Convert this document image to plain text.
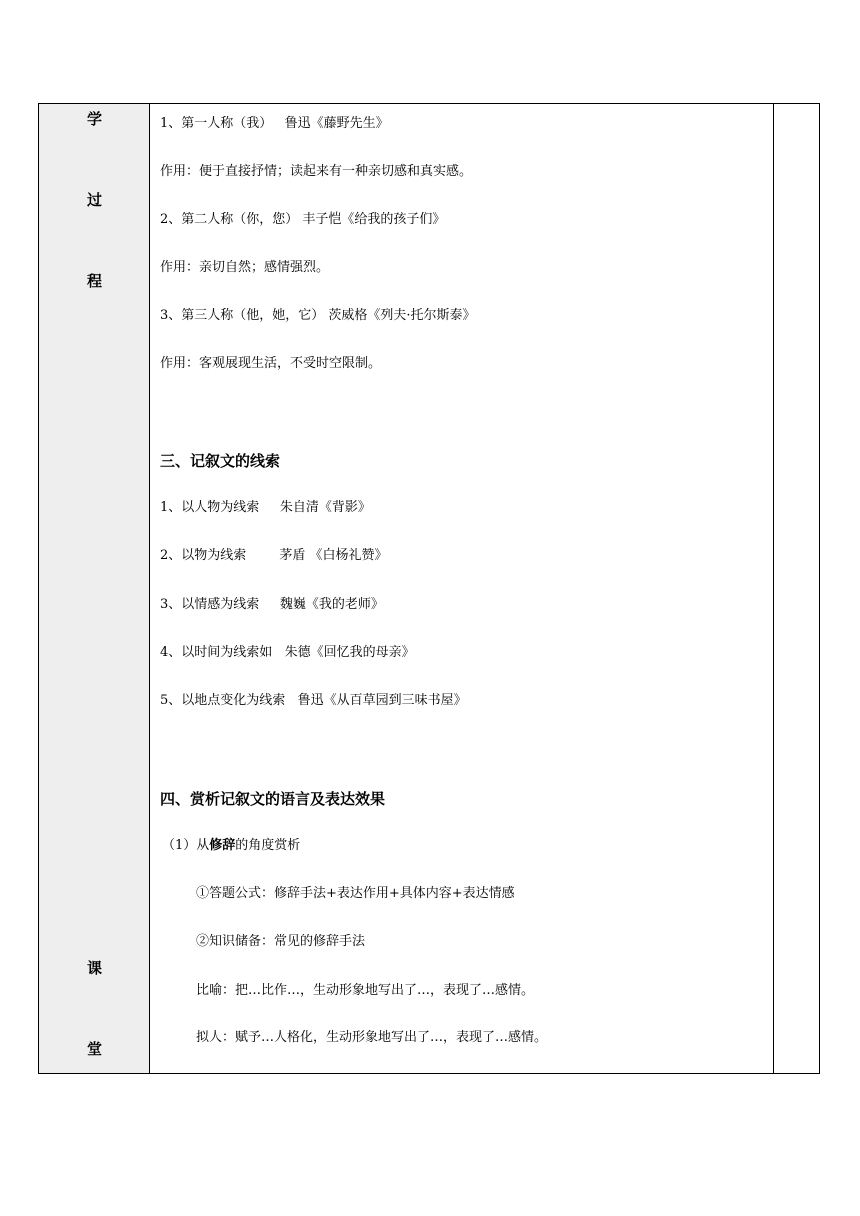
学
过
程
课
堂
1、第一人称（我）   鲁迅《藤野先生》
作用：便于直接抒情；读起来有一种亲切感和真实感。
2、第二人称（你，您） 丰子恺《给我的孩子们》
作用：亲切自然；感情强烈。
3、第三人称（他，她，它） 茨威格《列夫·托尔斯泰》
作用：客观展现生活，不受时空限制。
三、记叙文的线索
1、以人物为线索     朱自清《背影》
2、以物为线索        茅盾 《白杨礼赞》
3、以情感为线索     魏巍《我的老师》
4、以时间为线索如   朱德《回忆我的母亲》
5、以地点变化为线索   鲁迅《从百草园到三味书屋》
四、赏析记叙文的语言及表达效果
（1）从修辞的角度赏析
①答题公式：修辞手法+表达作用+具体内容+表达情感
②知识储备：常见的修辞手法
比喻：把…比作…，生动形象地写出了…，表现了…感情。
拟人：赋予…人格化，生动形象地写出了…，表现了…感情。
